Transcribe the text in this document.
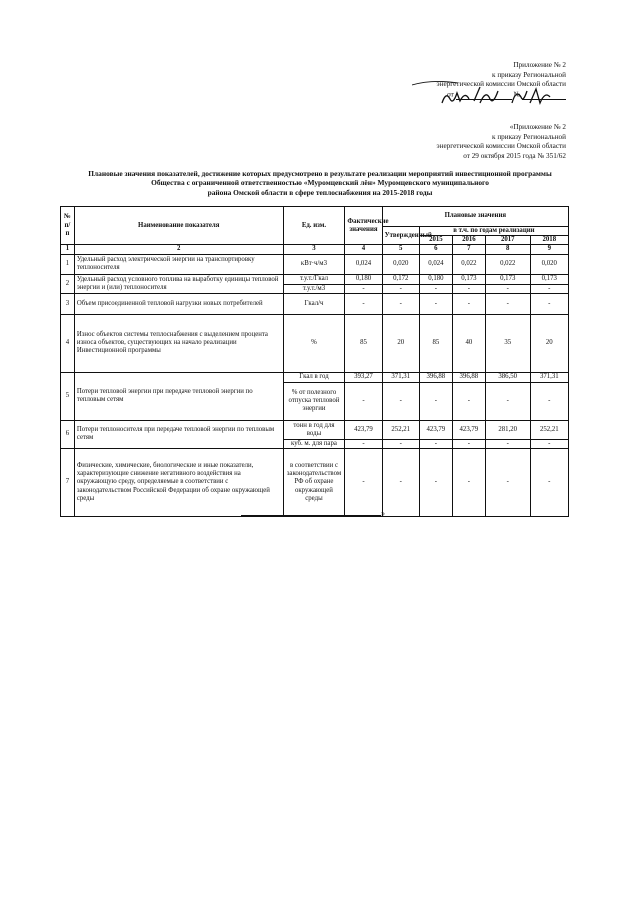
Приложение № 2
к приказу Региональной
энергетической комиссии Омской области
от	№
«Приложение № 2
к приказу Региональной
энергетической комиссии Омской области
от 29 октября 2015 года № 351/62
Плановые значения показателей, достижение которых предусмотрено в результате реализации мероприятий инвестиционной программы
Общества с ограниченной ответственностью «Муромцевский лён» Муромцевского муниципального
района Омской области в сфере теплоснабжения на 2015-2018 годы
№ п/п	Наименование показателя	Ед. изм.	Фактические значения	Плановые значения				
				Утвержденный	в т.ч. по годам реализации			
					2015	2016	2017	2018
1	2	3	4	5	6	7	8	9
1	Удельный расход электрической энергии на транспортировку теплоносителя	кВт·ч/м3	0,024	0,020	0,024	0,022	0,022	0,020
2	Удельный расход условного топлива на выработку единицы тепловой энергии и (или) теплоносителя	т.у.т./Гкал	0,180	0,172	0,180	0,173	0,173	0,173
		т.у.т./м3	-	-	-	-	-	-
3	Объем присоединенной тепловой нагрузки новых потребителей	Гкал/ч	-	-	-	-	-	-
4	Износ объектов системы теплоснабжения с выделением процента износа объектов, существующих на начало реализации Инвестиционной программы	%	85	20	85	40	35	20
5	Потери тепловой энергии при передаче тепловой энергии по тепловым сетям	Гкал в год	393,27	371,31	396,88	396,88	386,50	371,31
		% от полезного отпуска тепловой энергии	-	-	-	-	-	-
6	Потери теплоносителя при передаче тепловой энергии по тепловым сетям	тонн в год для воды	423,79	252,21	423,79	423,79	281,20	252,21
		куб. м. для пара	-	-	-	-	-	-
7	Физические, химические, биологические и иные показатели, характеризующие снижение негативного воздействия на окружающую среду, определяемые в соответствии с законодательством Российской Федерации об охране окружающей среды	в соответствии с законодательством РФ об охране окружающей среды	-	-	-	-	-	-
»
